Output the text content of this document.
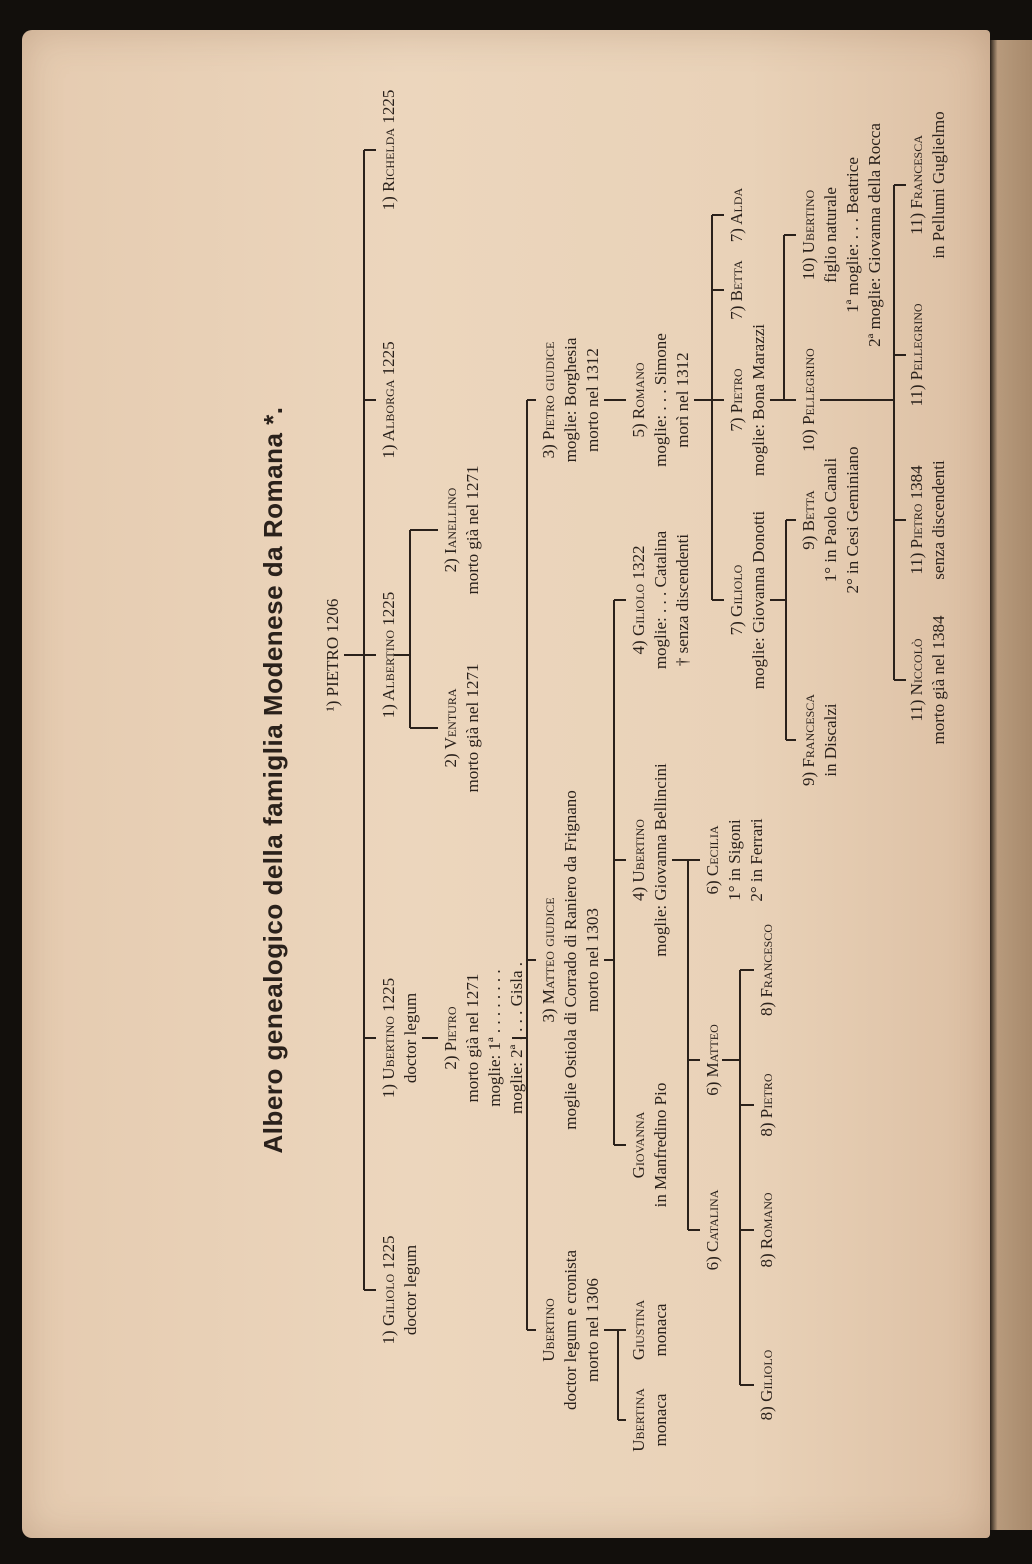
Albero genealogico della famiglia Modenese da Romana *. ¹) PIETRO 1206
1) Giliolo 1225 doctor legum
1) Ubertino 1225 doctor legum
1) Albertino 1225
1) Alborga 1225
1) Richelda 1225
2) Pietro morto già nel 1271 moglie: 1ª . . . . . . . . moglie: 2ª . . . . Gisla .
2) Ventura morto già nel 1271
2) Ianellino morto già nel 1271
Ubertino doctor legum e cronista morto nel 1306
3) Matteo giudice moglie Ostiola di Corrado di Raniero da Frignano morto nel 1303
3) Pietro giudice moglie: Borghesia morto nel 1312
Ubertina monaca
Giustina monaca
Giovanna in Manfredino Pio
4) Ubertino moglie: Giovanna Bellincini
4) Giliolo 1322 moglie: . . . Catalina † senza discendenti
5) Romano moglie: . . . Simone morì nel 1312
6) Catalina
6) Matteo
6) Cecilia 1° in Sigoni 2° in Ferrari
8) Giliolo
8) Romano
8) Pietro
8) Francesco
7) Giliolo moglie: Giovanna Donotti
7) Pietro moglie: Bona Marazzi
7) Betta
7) Alda
9) Francesca in Discalzi
9) Betta 1° in Paolo Canali 2° in Cesi Geminiano
10) Pellegrino
10) Ubertino figlio naturale 1ª moglie: . . . Beatrice 2ª moglie: Giovanna della Rocca
11) Niccolò morto già nel 1384
11) Pietro 1384 senza discendenti
11) Pellegrino
11) Francesca in Pellumi Guglielmo
